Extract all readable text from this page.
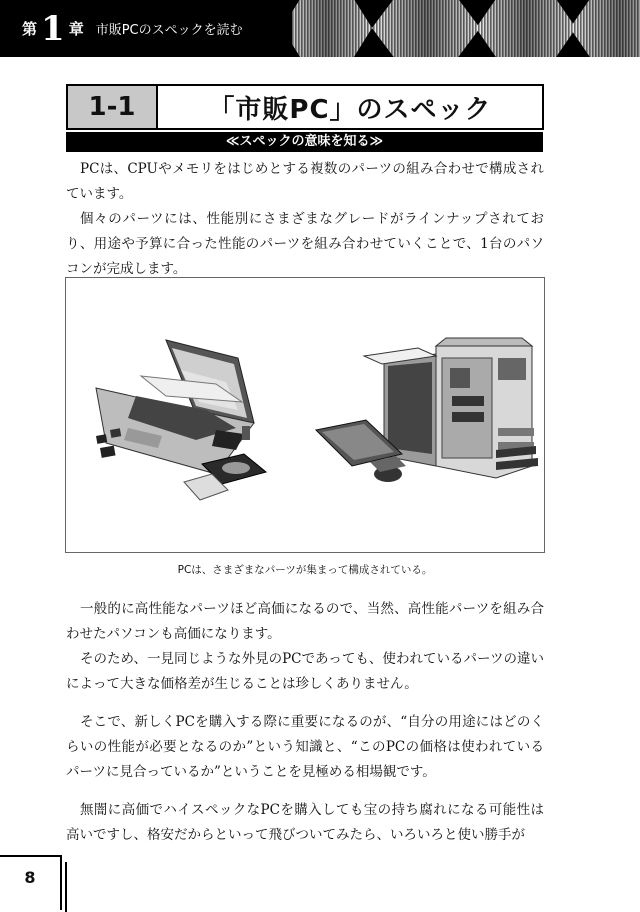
第 1 章 市販PCのスペックを読む
1-1	「市販PC」のスペック
≪スペックの意味を知る≫

PCは、CPUやメモリをはじめとする複数のパーツの組み合わせで構成されています。

個々のパーツには、性能別にさまざまなグレードがラインナップされており、用途や予算に合った性能のパーツを組み合わせていくことで、1台のパソコンが完成します。

PCは、さまざまなパーツが集まって構成されている。

一般的に高性能なパーツほど高価になるので、当然、高性能パーツを組み合わせたパソコンも高価になります。

そのため、一見同じような外見のPCであっても、使われているパーツの違いによって大きな価格差が生じることは珍しくありません。

そこで、新しくPCを購入する際に重要になるのが、“自分の用途にはどのくらいの性能が必要となるのか”という知識と、“このPCの価格は使われているパーツに見合っているか”ということを見極める相場観です。

無闇に高価でハイスペックなPCを購入しても宝の持ち腐れになる可能性は高いですし、格安だからといって飛びついてみたら、いろいろと使い勝手が

8
